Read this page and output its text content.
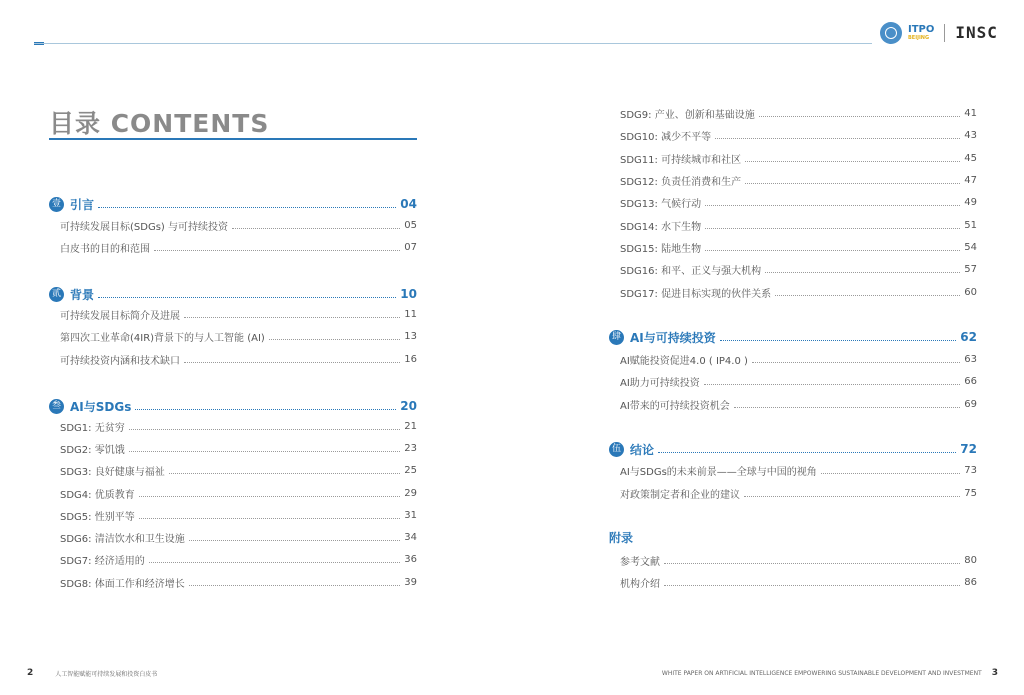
ITPO
BEIJING	INSC
目录 CONTENTS
壹 引言	04
可持续发展目标(SDGs) 与可持续投资	05
白皮书的目的和范围	07
贰 背景	10
可持续发展目标简介及进展	11
第四次工业革命(4IR)背景下的与人工智能 (AI)	13
可持续投资内涵和技术缺口	16
叁 AI与SDGs	20
SDG1: 无贫穷	21
SDG2: 零饥饿	23
SDG3: 良好健康与福祉	25
SDG4: 优质教育	29
SDG5: 性别平等	31
SDG6: 清洁饮水和卫生设施	34
SDG7: 经济适用的	36
SDG8: 体面工作和经济增长	39
SDG9: 产业、创新和基础设施	41
SDG10: 减少不平等	43
SDG11: 可持续城市和社区	45
SDG12: 负责任消费和生产	47
SDG13: 气候行动	49
SDG14: 水下生物	51
SDG15: 陆地生物	54
SDG16: 和平、正义与强大机构	57
SDG17: 促进目标实现的伙伴关系	60
肆 AI与可持续投资	62
AI赋能投资促进4.0 ( IP4.0 )	63
AI助力可持续投资	66
AI带来的可持续投资机会	69
伍 结论	72
AI与SDGs的未来前景——全球与中国的视角	73
对政策制定者和企业的建议	75
附录
参考文献	80
机构介绍	86
2	人工智能赋能可持续发展和投资白皮书	WHITE PAPER ON ARTIFICIAL INTELLIGENCE EMPOWERING SUSTAINABLE DEVELOPMENT AND INVESTMENT 3
